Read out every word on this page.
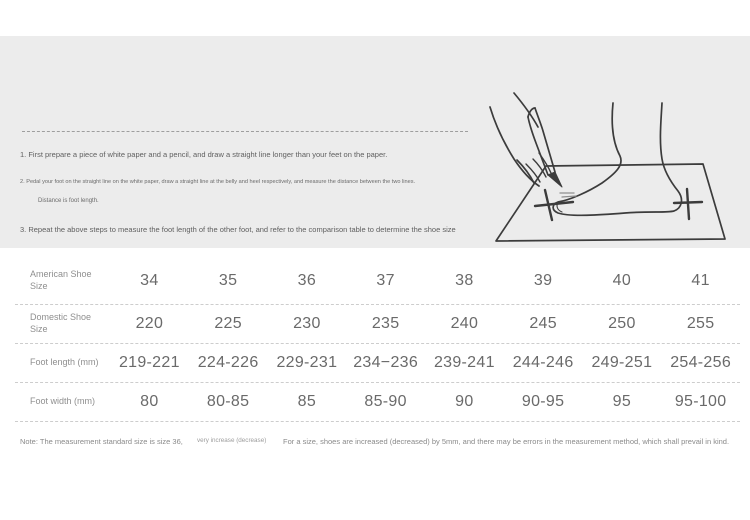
1. First prepare a piece of white paper and a pencil, and draw a straight line longer than your feet on the paper.
2. Pedal your foot on the straight line on the white paper, draw a straight line at the belly and heel respectively, and measure the distance between the two lines.
Distance is foot length.
3. Repeat the above steps to measure the foot length of the other foot, and refer to the comparison table to determine the shoe size
American Shoe Size	34	35	36	37	38	39	40	41
Domestic Shoe Size	220	225	230	235	240	245	250	255
Foot length (mm)	219-221	224-226	229-231 234−236 239-241	244-246	249-251	254-256
Foot width (mm)	80	80-85	85	85-90	90	90-95	95	95-100
Note: The measurement standard size is size 36, very increase (decrease) For a size, shoes are increased (decreased) by 5mm, and there may be errors in the measurement method, which shall prevail in kind.
